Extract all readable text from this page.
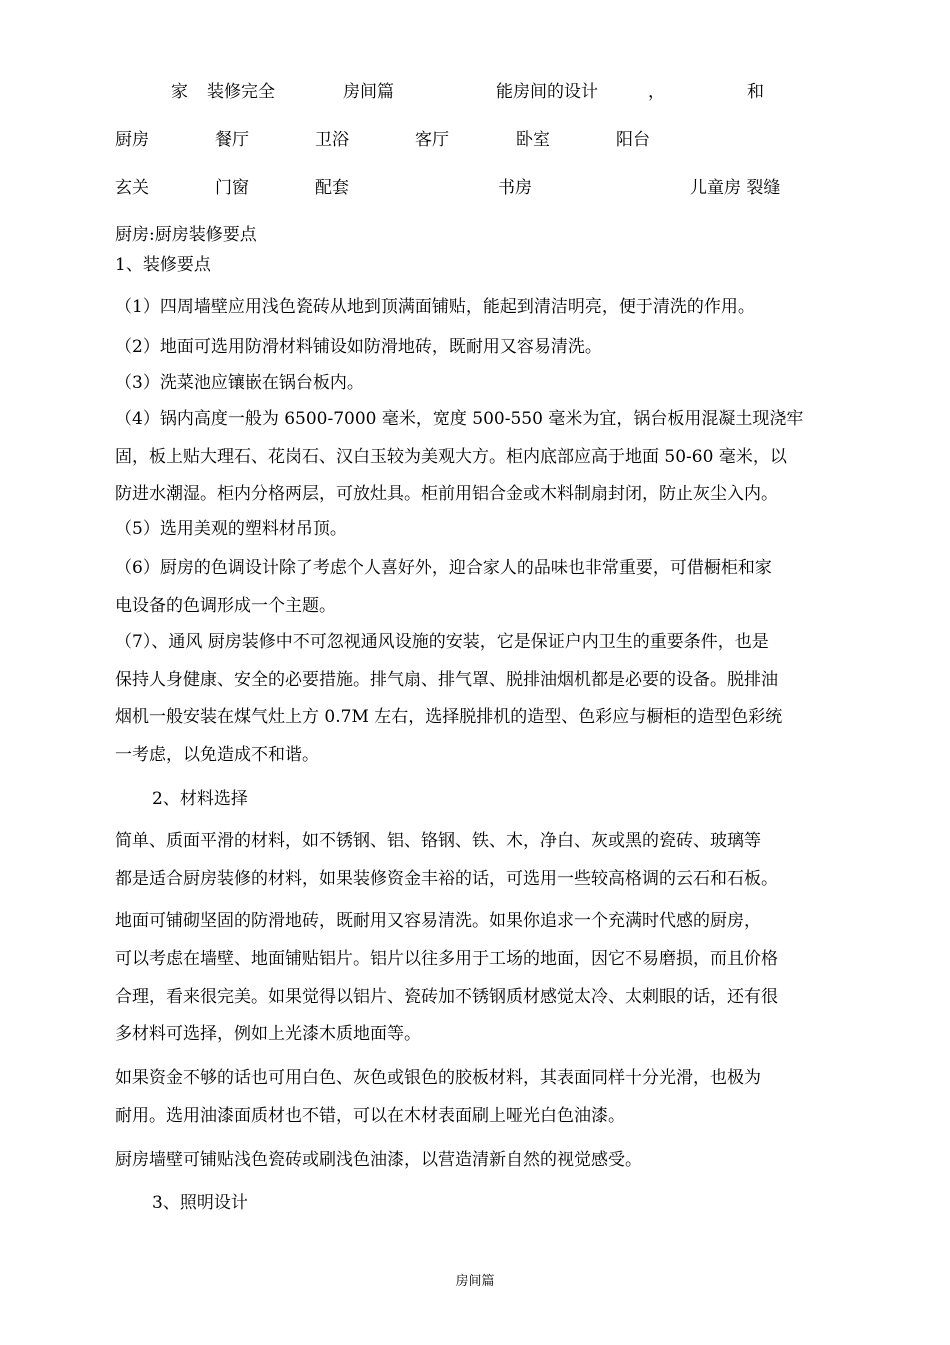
家 装修完全	房间篇	能房间的设计	，	和
厨房	餐厅	卫浴	客厅	卧室	阳台
玄关	门窗	配套	书房	儿童房 裂缝
厨房:厨房装修要点
1、装修要点
（1）四周墙壁应用浅色瓷砖从地到顶满面铺贴，能起到清洁明亮，便于清洗的作用。
（2）地面可选用防滑材料铺设如防滑地砖，既耐用又容易清洗。
（3）洗菜池应镶嵌在锅台板内。
（4）锅内高度一般为 6500-7000 毫米，宽度 500-550 毫米为宜，锅台板用混凝土现浇牢
固，板上贴大理石、花岗石、汉白玉较为美观大方。柜内底部应高于地面 50-60 毫米，以
防进水潮湿。柜内分格两层，可放灶具。柜前用铝合金或木料制扇封闭，防止灰尘入内。
（5）选用美观的塑料材吊顶。
（6）厨房的色调设计除了考虑个人喜好外，迎合家人的品味也非常重要，可借橱柜和家
电设备的色调形成一个主题。
（7）、通风 厨房装修中不可忽视通风设施的安装，它是保证户内卫生的重要条件，也是
保持人身健康、安全的必要措施。排气扇、排气罩、脱排油烟机都是必要的设备。脱排油
烟机一般安装在煤气灶上方 0.7M 左右，选择脱排机的造型、色彩应与橱柜的造型色彩统
一考虑，以免造成不和谐。
2、材料选择
简单、质面平滑的材料，如不锈钢、铝、铬钢、铁、木，净白、灰或黑的瓷砖、玻璃等
都是适合厨房装修的材料，如果装修资金丰裕的话，可选用一些较高格调的云石和石板。
地面可铺砌坚固的防滑地砖，既耐用又容易清洗。如果你追求一个充满时代感的厨房，
可以考虑在墙壁、地面铺贴铝片。铝片以往多用于工场的地面，因它不易磨损，而且价格
合理，看来很完美。如果觉得以铝片、瓷砖加不锈钢质材感觉太冷、太刺眼的话，还有很
多材料可选择，例如上光漆木质地面等。
如果资金不够的话也可用白色、灰色或银色的胶板材料，其表面同样十分光滑，也极为
耐用。选用油漆面质材也不错，可以在木材表面刷上哑光白色油漆。
厨房墙壁可铺贴浅色瓷砖或刷浅色油漆，以营造清新自然的视觉感受。
3、照明设计
房间篇
